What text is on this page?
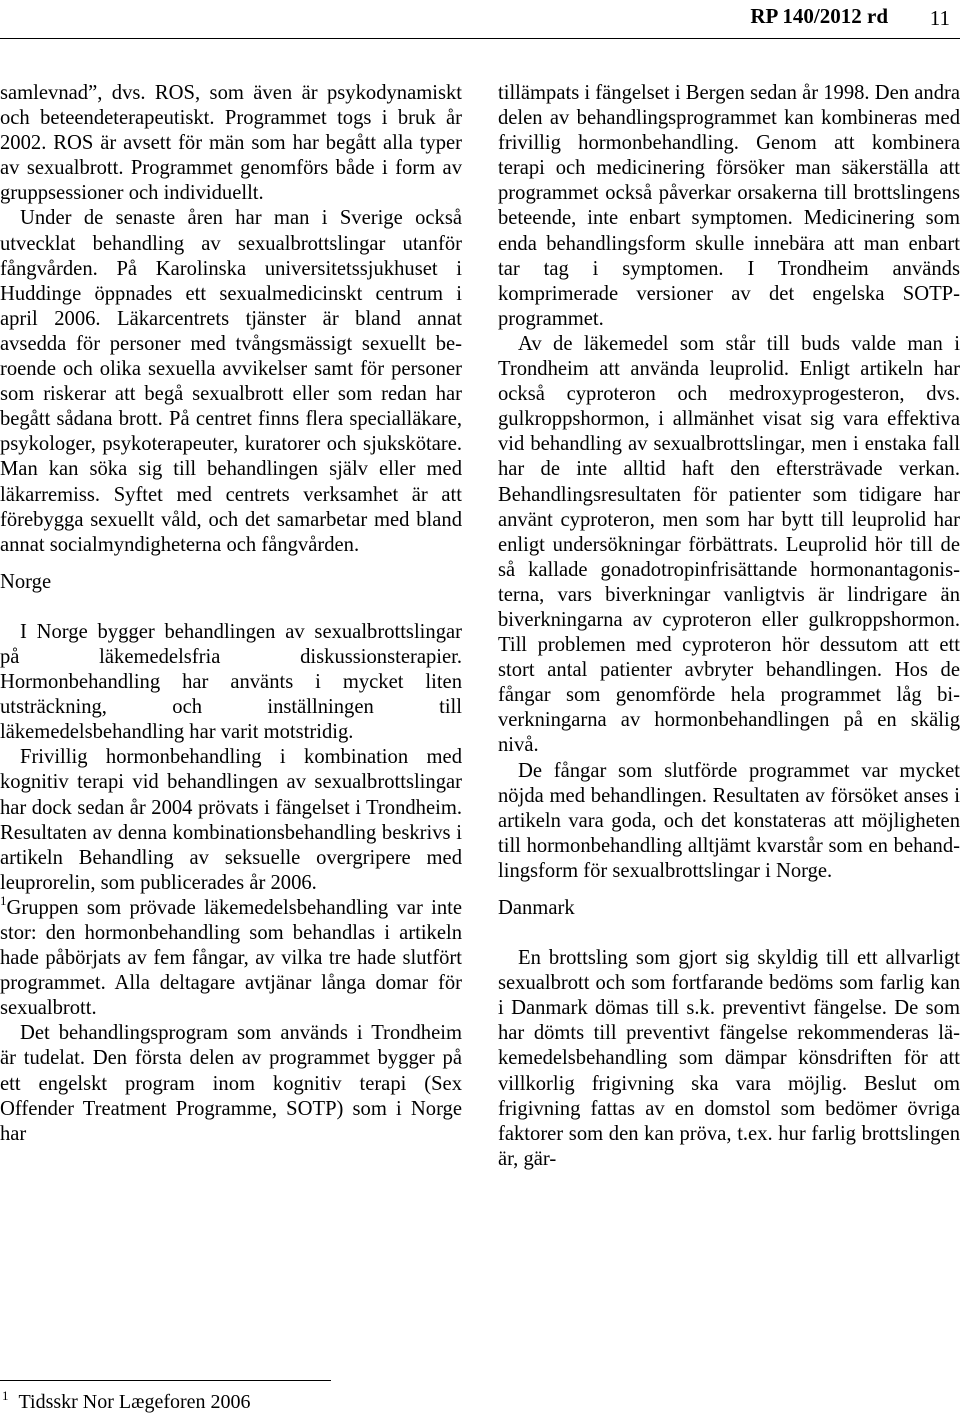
RP 140/2012 rd 11

samlevnad”, dvs. ROS, som även är psykodynamiskt och beteendeterapeutiskt. Programmet togs i bruk år 2002. ROS är avsett för män som har begått alla typer av sexualbrott. Programmet genomförs både i form av gruppsessioner och individuellt.

Under de senaste åren har man i Sverige också utvecklat behandling av sexualbrottslingar utanför fångvården. På Karolinska universitetssjukhuset i Huddinge öppnades ett sexualmedicinskt centrum i april 2006. Läkarcentrets tjänster är bland annat avsedda för personer med tvångsmässigt sexuellt beroende och olika sexuella avvikelser samt för personer som riskerar att begå sexualbrott eller som redan har begått sådana brott. På centret finns flera specialläkare, psykologer, psykoterapeuter, kuratorer och sjukskötare. Man kan söka sig till behandlingen själv eller med läkarremiss. Syftet med centrets verksamhet är att förebygga sexuellt våld, och det samarbetar med bland annat socialmyndigheterna och fångvården.

Norge

I Norge bygger behandlingen av sexualbrottslingar på läkemedelsfria diskussionsterapier. Hormonbehandling har använts i mycket liten utsträckning, och inställningen till läkemedelsbehandling har varit motstridig.

Frivillig hormonbehandling i kombination med kognitiv terapi vid behandlingen av sexualbrottslingar har dock sedan år 2004 prövats i fängelset i Trondheim. Resultaten av denna kombinationsbehandling beskrivs i artikeln Behandling av seksuelle overgripere med leuprorelin, som publicerades år 2006.

$^1$Gruppen som prövade läkemedelsbehandling var inte stor: den hormonbehandling som behandlas i artikeln hade påbörjats av fem fångar, av vilka tre hade slutfört programmet. Alla deltagare avtjänar långa domar för sexualbrott.

Det behandlingsprogram som används i Trondheim är tudelat. Den första delen av programmet bygger på ett engelskt program inom kognitiv terapi (Sex Offender Treatment Programme, SOTP) som i Norge har

tillämpats i fängelset i Bergen sedan år 1998. Den andra delen av behandlingsprogrammet kan kombineras med frivillig hormonbehandling. Genom att kombinera terapi och medicinering försöker man säkerställa att programmet också påverkar orsakerna till brottslingens beteende, inte enbart symptomen. Medicinering som enda behandlingsform skulle innebära att man enbart tar tag i symptomen. I Trondheim används komprimerade versioner av det engelska SOTP-programmet.

Av de läkemedel som står till buds valde man i Trondheim att använda leuprolid. Enligt artikeln har också cyproteron och medroxyprogesteron, dvs. gulkroppshormon, i allmänhet visat sig vara effektiva vid behandling av sexualbrottslingar, men i enstaka fall har de inte alltid haft den eftersträvade verkan. Behandlingsresultaten för patienter som tidigare har använt cyproteron, men som har bytt till leuprolid har enligt undersökningar förbättrats. Leuprolid hör till de så kallade gonadotropinfrisättande hormonantagonisterna, vars biverkningar vanligtvis är lindrigare än biverkningarna av cyproteron eller gulkroppshormon. Till problemen med cyproteron hör dessutom att ett stort antal patienter avbryter behandlingen. Hos de fångar som genomförde hela programmet låg biverkningarna av hormonbehandlingen på en skälig nivå.

De fångar som slutförde programmet var mycket nöjda med behandlingen. Resultaten av försöket anses i artikeln vara goda, och det konstateras att möjligheten till hormonbehandling alltjämt kvarstår som en behandlingsform för sexualbrottslingar i Norge.

Danmark

En brottsling som gjort sig skyldig till ett allvarligt sexualbrott och som fortfarande bedöms som farlig kan i Danmark dömas till s.k. preventivt fängelse. De som har dömts till preventivt fängelse rekommenderas läkemedelsbehandling som dämpar könsdriften för att villkorlig frigivning ska vara möjlig. Beslut om frigivning fattas av en domstol som bedömer övriga faktorer som den kan pröva, t.ex. hur farlig brottslingen är, gär-

$^1$ Tidsskr Nor Lægeforen 2006
